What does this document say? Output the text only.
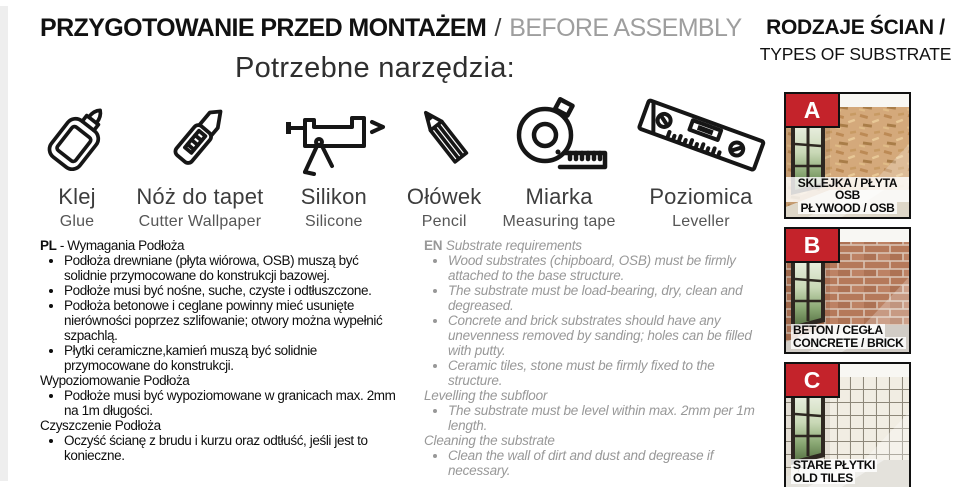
PRZYGOTOWANIE PRZED MONTAŻEM / BEFORE ASSEMBLY	RODZAJE ŚCIAN /
TYPES OF SUBSTRATE
Potrzebne narzędzia:
Klej
Glue
Nóż do tapet
Cutter Wallpaper
Silikon
Silicone
Ołówek
Pencil
Miarka
Measuring tape
Poziomica
Leveller
PL - Wymagania Podłoża
• Podłoża drewniane (płyta wiórowa, OSB) muszą być solidnie przymocowane do konstrukcji bazowej.
• Podłoże musi być nośne, suche, czyste i odtłuszczone.
• Podłoża betonowe i ceglane powinny mieć usunięte nierówności poprzez szlifowanie; otwory można wypełnić szpachlą.
• Płytki ceramiczne,kamień muszą być solidnie przymocowane do konstrukcji.
Wypoziomowanie Podłoża
• Podłoże musi być wypoziomowane w granicach max. 2mm na 1m długości.
Czyszczenie Podłoża
• Oczyść ścianę z brudu i kurzu oraz odtłuść, jeśli jest to konieczne.
EN Substrate requirements
• Wood substrates (chipboard, OSB) must be firmly attached to the base structure.
• The substrate must be load-bearing, dry, clean and degreased.
• Concrete and brick substrates should have any unevenness removed by sanding; holes can be filled with putty.
• Ceramic tiles, stone must be firmly fixed to the structure.
Levelling the subfloor
• The substrate must be level within max. 2mm per 1m length.
Cleaning the substrate
• Clean the wall of dirt and dust and degrease if necessary.
A
SKLEJKA / PŁYTA OSB
PŁYWOOD / OSB
B
BETON / CEGŁA
CONCRETE / BRICK
C
STARE PŁYTKI
OLD TILES
